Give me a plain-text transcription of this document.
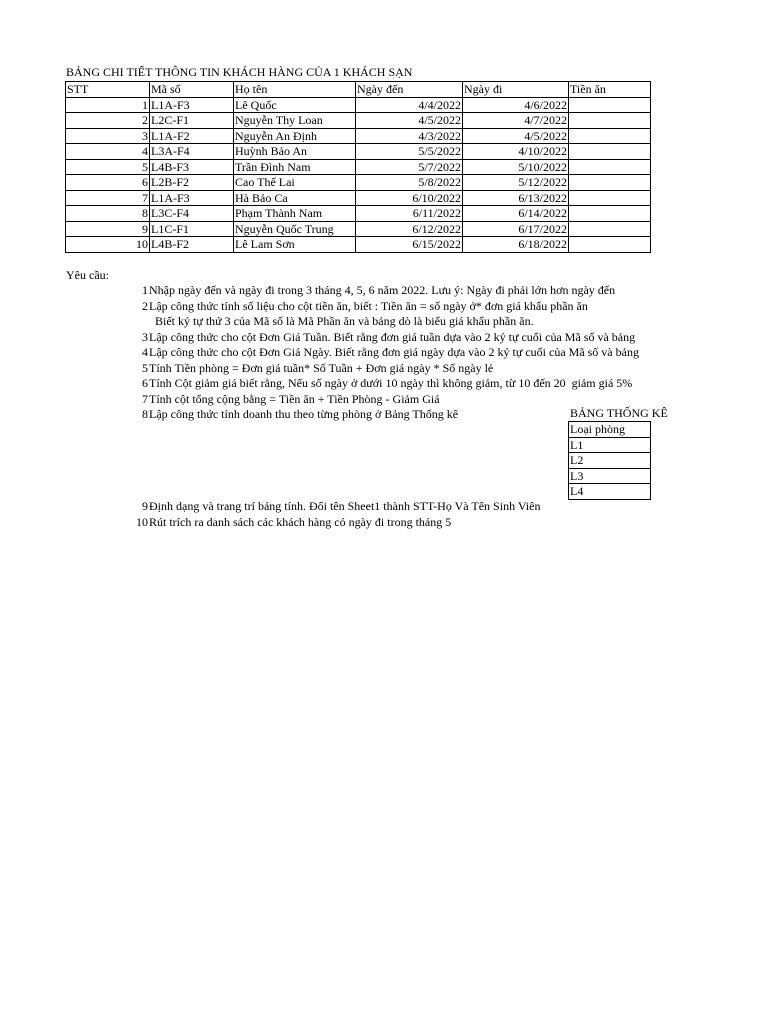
BẢNG CHI TIẾT THÔNG TIN KHÁCH HÀNG CỦA 1 KHÁCH SẠN
STT	Mã số	Họ tên	Ngày đến	Ngày đi	Tiền ăn
1	L1A-F3	Lê Quốc	4/4/2022	4/6/2022	
2	L2C-F1	Nguyễn Thy Loan	4/5/2022	4/7/2022	
3	L1A-F2	Nguyễn An Định	4/3/2022	4/5/2022	
4	L3A-F4	Huỳnh Bảo An	5/5/2022	4/10/2022	
5	L4B-F3	Trần Đình Nam	5/7/2022	5/10/2022	
6	L2B-F2	Cao Thế Lai	5/8/2022	5/12/2022	
7	L1A-F3	Hà Bảo Ca	6/10/2022	6/13/2022	
8	L3C-F4	Phạm Thành Nam	6/11/2022	6/14/2022	
9	L1C-F1	Nguyễn Quốc Trung	6/12/2022	6/17/2022	
10	L4B-F2	Lê Lam Sơn	6/15/2022	6/18/2022	
Yêu cầu:
1 Nhập ngày đến và ngày đi trong 3 tháng 4, 5, 6 năm 2022. Lưu ý: Ngày đi phải lớn hơn ngày đến
2 Lập công thức tính số liệu cho cột tiền ăn, biết : Tiền ăn = số ngày ở* đơn giá khẩu phần ăn
Biết ký tự thứ 3 của Mã số là Mã Phần ăn và bảng dò là biểu giá khẩu phần ăn.
3 Lập công thức cho cột Đơn Giá Tuần. Biết rằng đơn giá tuần dựa vào 2 ký tự cuối của Mã số và bảng
4 Lập công thức cho cột Đơn Giá Ngày. Biết rằng đơn giá ngày dựa vào 2 ký tự cuối của Mã số và bảng
5 Tính Tiền phòng = Đơn giá tuần* Số Tuần + Đơn giá ngày * Số ngày lẻ
6 Tính Cột giảm giá biết rằng, Nếu số ngày ở dưới 10 ngày thì không giảm, từ 10 đến 20  giảm giá 5%
7 Tính cột tổng cộng bằng = Tiền ăn + Tiền Phòng - Giảm Giá
8 Lập công thức tính doanh thu theo từng phòng ở Bảng Thống kê	BẢNG THỐNG KÊ
Loại phòng
L1
L2
L3
L4
9 Định dạng và trang trí bảng tính. Đổi tên Sheet1 thành STT-Họ Và Tên Sinh Viên
10 Rút trích ra danh sách các khách hàng có ngày đi trong tháng 5
